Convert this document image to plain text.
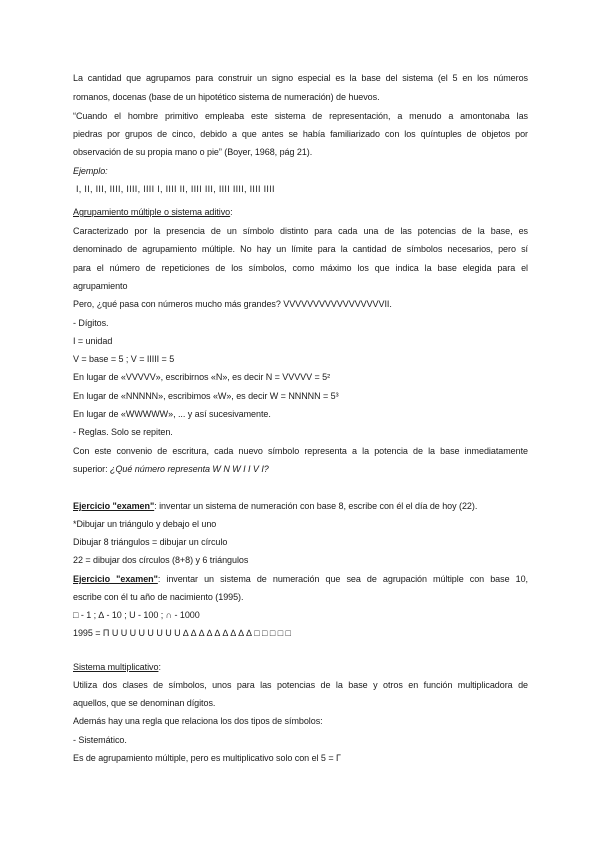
La cantidad que agrupamos para construir un signo especial es la base del sistema (el 5 en los números
romanos, docenas (base de un hipotético sistema de numeración) de huevos.
“Cuando el hombre primitivo empleaba este sistema de representación, a menudo a amontonaba las
piedras por grupos de cinco, debido a que antes se había familiarizado con los quíntuples de objetos por
observación de su propia mano o pie” (Boyer, 1968, pág 21).
Ejemplo:
I, II, III, IIII, IIII, IIII I, IIII II, IIII III, IIII IIII, IIII IIII
Agrupamiento múltiple o sistema aditivo:
Caracterizado por la presencia de un símbolo distinto para cada una de las potencias de la base, es
denominado de agrupamiento múltiple. No hay un límite para la cantidad de símbolos necesarios, pero sí
para el número de repeticiones de los símbolos, como máximo los que indica la base elegida para el
agrupamiento
Pero, ¿qué pasa con números mucho más grandes? VVVVVVVVVVVVVVVVVII.
- Dígitos.
I = unidad
V = base = 5 ; V = IIIII = 5
En lugar de «VVVVV», escribirnos «N», es decir N = VVVVV = 5²
En lugar de «NNNNN», escribimos «W», es decir W = NNNNN = 5³
En lugar de «WWWWW», ... y así sucesivamente.
- Reglas. Solo se repiten.
Con este convenio de escritura, cada nuevo símbolo representa a la potencia de la base inmediatamente
superior: ¿Qué número representa W N W I I V I?
Ejercicio "examen": inventar un sistema de numeración con base 8, escribe con él el día de hoy (22).
*Dibujar un triángulo y debajo el uno
Dibujar 8 triángulos = dibujar un círculo
22 = dibujar dos círculos (8+8) y 6 triángulos
Ejercicio "examen": inventar un sistema de numeración que sea de agrupación múltiple con base 10,
escribe con él tu año de nacimiento (1995).
□ - 1 ; ∆ - 10 ; U - 100 ; ∩ - 1000
1995 = Π U U U U U U U U ∆ ∆ ∆ ∆ ∆ ∆ ∆ ∆ ∆ □ □ □ □ □
Sistema multiplicativo:
Utiliza dos clases de símbolos, unos para las potencias de la base y otros en función multiplicadora de
aquellos, que se denominan dígitos.
Además hay una regla que relaciona los dos tipos de símbolos:
- Sistemático.
Es de agrupamiento múltiple, pero es multiplicativo solo con el 5 = Γ
